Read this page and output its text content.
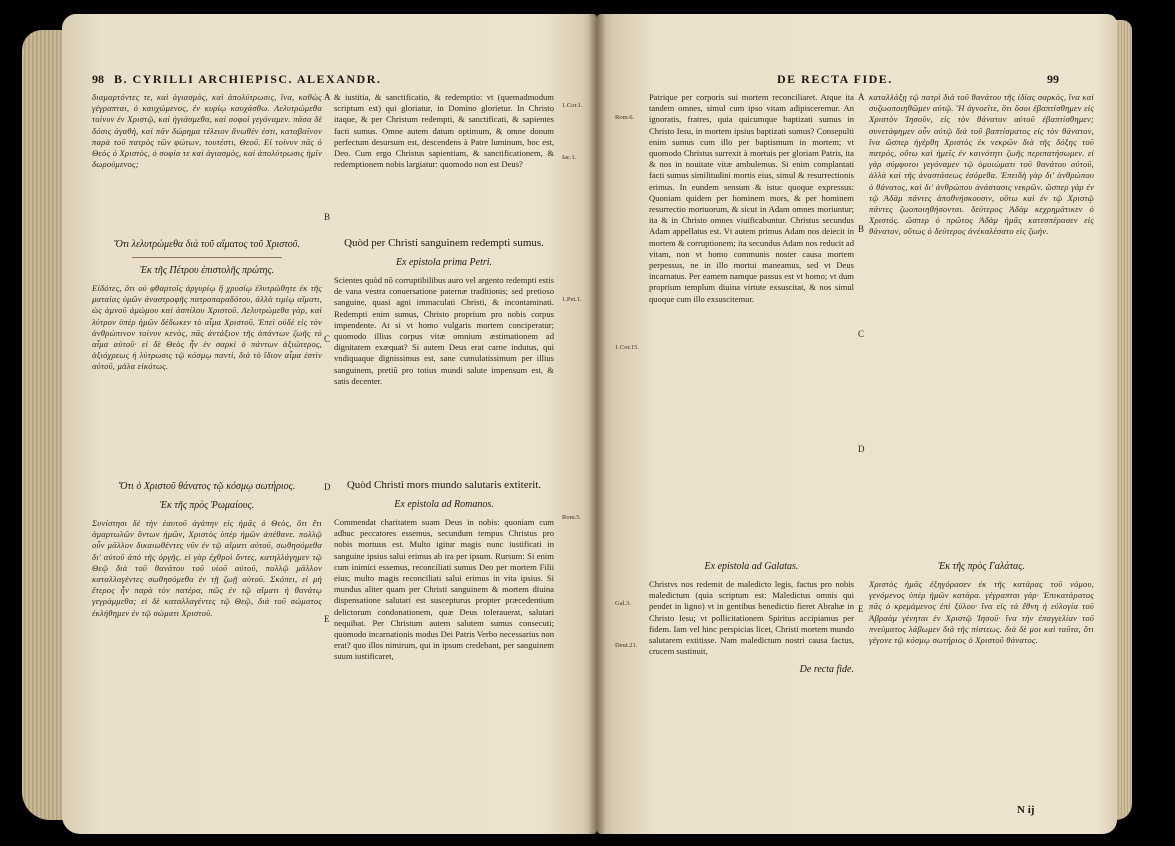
98 B. CYRILLI ARCHIEPISC. ALEXANDR.
διαμαρτόντες τε, καὶ ἁγιασμὸς, καὶ ἀπολύτρωσις, ἵνα, καθὼς γέγραπται, ὁ καυχώμενος, ἐν κυρίῳ καυχάσθω. Λελυτρώμεθα τοίνυν ἐν Χριστῷ, καὶ ἡγιάσμεθα, καὶ σοφοὶ γεγόναμεν. πᾶσα δὲ δόσις ἀγαθὴ, καὶ πᾶν δώρημα τέλειον ἄνωθέν ἐστι, καταβαῖνον παρὰ τοῦ πατρὸς τῶν φώτων, τουτέστι, Θεοῦ. Εἰ τοίνυν πᾶς ὁ Θεὸς ὁ Χριστὸς, ὁ σοφία τε καὶ ἁγιασμὸς, καὶ ἀπολύτρωσις ἡμῖν δωρούμενος;
& iustitia, & sanctificatio, & redemptio: vt (quemadmodum scriptum est) qui gloriatur, in Domino glorietur. In Christo itaque, & per Christum redempti, & sanctificati, & sapientes facti sumus. Omne autem datum optimum, & omne donum perfectum desursum est, descendens à Patre luminum, hoc est, Deo. Cum ergo Christus sapientiam, & sanctificationem, & redemptionem nobis largiatur: quomodo non est Deus?
Ὅτι λελυτρώμεθα διὰ τοῦ αἵματος τοῦ Χριστοῦ.
Ἐκ τῆς Πέτρου ἐπιστολῆς πρώτης.

Εἰδότες, ὅτι οὐ φθαρτοῖς ἀργυρίῳ ἢ χρυσίῳ ἐλυτρώθητε ἐκ τῆς ματαίας ὑμῶν ἀναστροφῆς πατροπαραδότου, ἀλλὰ τιμίῳ αἵματι, ὡς ἀμνοῦ ἀμώμου καὶ ἀσπίλου Χριστοῦ. Λελυτρώμεθα γὰρ, καὶ λύτρον ὑπὲρ ἡμῶν δέδωκεν τὸ αἷμα Χριστοῦ. Ἐπεὶ οὐδὲ εἰς τὸν ἀνθρώπινον τοίνυν κενὸς, πᾶς ἀντάξιον τῆς ἁπάντων ζωῆς τὸ αἷμα αὐτοῦ· εἰ δὲ Θεὸς ἦν ἐν σαρκὶ ὁ πάντων ἀξιώτερος, ἀξιόχρεως ἡ λύτρωσις τῷ κόσμῳ παντὶ, διὰ τὸ ἴδιον αἷμα ἐστὶν αὐτοῦ, μάλα εἰκότως.

Quòd per Christi sanguinem redempti sumus.
Ex epistola prima Petri.

Scientes quòd nō corruptibilibus auro vel argento redempti estis de vana vestra conuersatione paternæ traditionis; sed pretioso sanguine, quasi agni immaculati Christi, & incontaminati. Redempti enim sumus, Christo proprium pro nobis corpus impendente. At si vt homo vulgaris mortem conciperatur; quomodo illius corpus vitæ omnium æstimationem ad dignitatem exæquat? Si autem Deus erat carne indutus, qui vndiquaque dignissimus est, sane cumulatissimum per illius sanguinem, pretiū pro totius mundi salute impensum est, & satis decenter.

Ὅτι ὁ Χριστοῦ θάνατος τῷ κόσμῳ σωτήριος.
Ἐκ τῆς πρὸς Ῥωμαίους.

Συνίστησι δὲ τὴν ἑαυτοῦ ἀγάπην εἰς ἡμᾶς ὁ Θεὸς, ὅτι ἔτι ἁμαρτωλῶν ὄντων ἡμῶν, Χριστὸς ὑπὲρ ἡμῶν ἀπέθανε. πολλῷ οὖν μᾶλλον δικαιωθέντες νῦν ἐν τῷ αἵματι αὐτοῦ, σωθησόμεθα δι' αὐτοῦ ἀπὸ τῆς ὀργῆς. εἰ γὰρ ἐχθροὶ ὄντες, κατηλλάγημεν τῷ Θεῷ διὰ τοῦ θανάτου τοῦ υἱοῦ αὐτοῦ, πολλῷ μᾶλλον καταλλαγέντες σωθησόμεθα ἐν τῇ ζωῇ αὐτοῦ. Σκόπει, εἰ μὴ ἕτερος ἦν παρὰ τὸν πατέρα, πῶς ἐν τῷ αἵματι ἡ θανάτῳ γεγράμμεθα; εἰ δὲ καταλλαγέντες τῷ Θεῷ, διὰ τοῦ σώματος ἐκλήθημεν ἐν τῷ σώματι Χριστοῦ.

Quòd Christi mors mundo salutaris extiterit.
Ex epistola ad Romanos.

Commendat charitatem suam Deus in nobis: quoniam cum adhuc peccatores essemus, secundum tempus Christus pro nobis mortuus est. Multo igitur magis nunc iustificati in sanguine ipsius salui erimus ab ira per ipsum. Rursum: Si enim cum inimici essemus, reconciliati sumus Deo per mortem Filii eius; multo magis reconciliati salui erimus in vita ipsius. Si mundus aliter quam per Christi sanguinem & mortem diuina dispensatione salutari est suscepturus propter præcedentium delictorum condonationem, quæ Deus tolerauerat, salutari nequibat. Per Christum autem salutem sumus consecuti; quomodo incarnationis modus Dei Patris Verbo necessarius non erat? quo illos nimirum, qui in ipsum credebant, per sanguinem suum iustificaret,

1.Cor.1.
Iac.1.
1.Pet.1.
Rom.5.
A
B
C
D
E
DE RECTA FIDE.	99
Patrique per corporis sui mortem reconciliaret. Atque ita tandem omnes, simul cum ipso vitam adipisceremur. An ignoratis, fratres, quia quicumque baptizati sumus in Christo Iesu, in mortem ipsius baptizati sumus? Consepulti enim sumus cum illo per baptismum in mortem; vt quomodo Christus surrexit à mortuis per gloriam Patris, ita & nos in nouitate vitæ ambulemus. Si enim complantati facti sumus similitudini mortis eius, simul & resurrectionis erimus. In eundem sensum & istuc quoque expressus: Quoniam quidem per hominem mors, & per hominem resurrectio mortuorum, & sicut in Adam omnes moriuntur; ita & in Christo omnes viuificabuntur. Christus secundus Adam appellatus est. Vt autem primus Adam nos deiecit in mortem & corruptionem; ita secundus Adam nos reducit ad vitam, non vt homo communis noster causa mortem perpessus, ne in illo mortui maneamus, sed vt Deus incarnatus. Per eamem namque passus est vt homo; vt dum proprium templum diuina virtute exsuscitat, & nos simul quoque cum illo exsuscitemur.
καταλλάξῃ τῷ πατρὶ διὰ τοῦ θανάτου τῆς ἰδίας σαρκὸς, ἵνα καὶ συζωοποιηθῶμεν αὐτῷ. Ἢ ἀγνοεῖτε, ὅτι ὅσοι ἐβαπτίσθημεν εἰς Χριστὸν Ἰησοῦν, εἰς τὸν θάνατον αὐτοῦ ἐβαπτίσθημεν; συνετάφημεν οὖν αὐτῷ διὰ τοῦ βαπτίσματος εἰς τὸν θάνατον, ἵνα ὥσπερ ἠγέρθη Χριστὸς ἐκ νεκρῶν διὰ τῆς δόξης τοῦ πατρὸς, οὕτω καὶ ἡμεῖς ἐν καινότητι ζωῆς περιπατήσωμεν. εἰ γὰρ σύμφυτοι γεγόναμεν τῷ ὁμοιώματι τοῦ θανάτου αὐτοῦ, ἀλλὰ καὶ τῆς ἀναστάσεως ἐσόμεθα. Ἐπειδὴ γὰρ δι' ἀνθρώπου ὁ θάνατος, καὶ δι' ἀνθρώπου ἀνάστασις νεκρῶν. ὥσπερ γὰρ ἐν τῷ Ἀδὰμ πάντες ἀποθνήσκουσιν, οὕτω καὶ ἐν τῷ Χριστῷ πάντες ζωοποιηθήσονται. δεύτερος Ἀδὰμ κεχρημάτικεν ὁ Χριστός. ὥσπερ ὁ πρῶτος Ἀδὰμ ἡμᾶς κατεσπέρασεν εἰς θάνατον, οὕτως ὁ δεύτερος ἀνέκαλέσατο εἰς ζωὴν.
Ex epistola ad Galatas.

Christvs nos redemit de maledicto legis, factus pro nobis maledictum (quia scriptum est: Maledictus omnis qui pendet in ligno) vt in gentibus benedictio fieret Abrahæ in Christo Iesu; vt pollicitationem Spiritus accipiamus per fidem. Iam vel hinc perspicias licet, Christi mortem mundo salutarem extitisse. Nam maledictum nostri causa factus, crucem sustinuit,

De recta fide.
Ἐκ τῆς πρὸς Γαλάτας.

Χριστὸς ἡμᾶς ἐξηγόρασεν ἐκ τῆς κατάρας τοῦ νόμου, γενόμενος ὑπὲρ ἡμῶν κατάρα. γέγραπται γάρ· Ἐπικατάρατος πᾶς ὁ κρεμάμενος ἐπὶ ξύλου· ἵνα εἰς τὰ ἔθνη ἡ εὐλογία τοῦ Ἀβραὰμ γένηται ἐν Χριστῷ Ἰησοῦ· ἵνα τὴν ἐπαγγελίαν τοῦ πνεύματος λάβωμεν διὰ τῆς πίστεως. διὰ δὲ μοι καὶ ταῦτα, ὅτι γέγονε τῷ κόσμῳ σωτήριος ὁ Χριστοῦ θάνατος.

N ij
Rom.6.
1.Cor.15.
Gal.3.
Deut.21.
A
B
C
D
E
